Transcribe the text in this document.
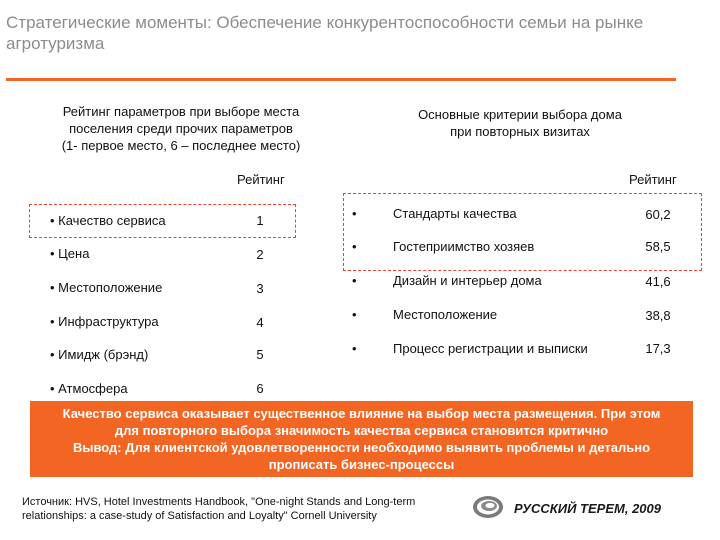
Стратегические моменты: Обеспечение конкурентоспособности семьи на рынке агротуризма
Рейтинг параметров при выборе места
поселения среди прочих параметров
(1- первое место, 6 – последнее место)
Рейтинг
• Качество сервиса	1
• Цена	2
• Местоположение	3
• Инфраструктура	4
• Имидж (брэнд)	5
• Атмосфера	6
Основные критерии выбора дома
при повторных визитах
Рейтинг
•	Стандарты качества	60,2
•	Гостеприимство хозяев	58,5
•	Дизайн и интерьер дома	41,6
•	Местоположение	38,8
•	Процесс регистрации и выписки	17,3
Качество сервиса оказывает существенное влияние на выбор места размещения. При этом
для повторного выбора значимость качества сервиса становится критично
Вывод: Для клиентской удовлетворенности необходимо выявить проблемы и детально
прописать бизнес-процессы
Источник: HVS, Hotel Investments Handbook, "One-night Stands and Long-term
relationships: a case-study of Satisfaction and Loyalty" Cornell University	РУССКИЙ ТЕРЕМ, 2009
